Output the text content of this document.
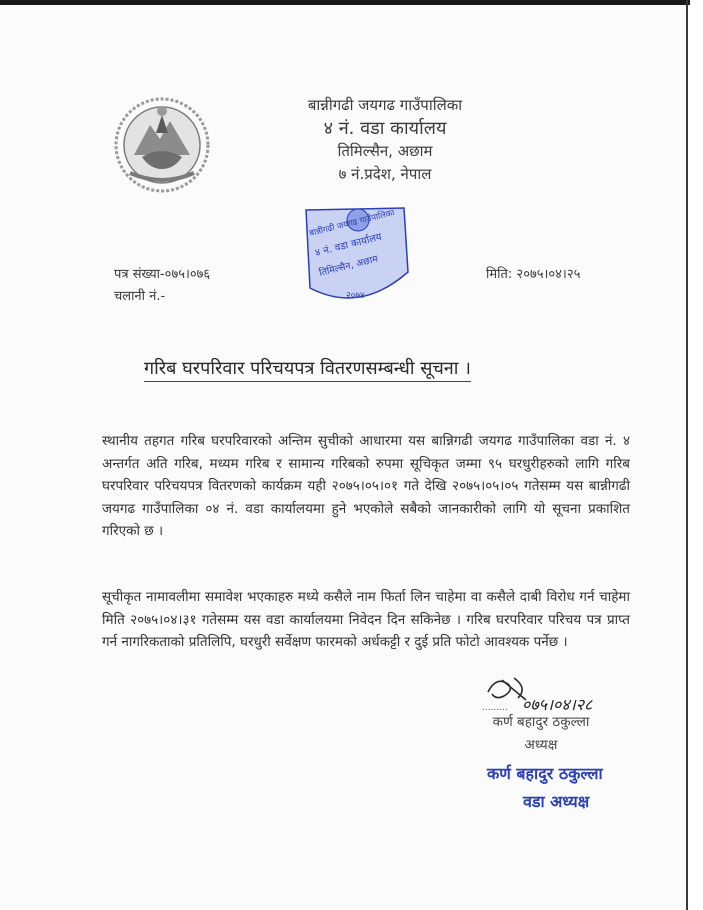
बान्नीगढी जयगढ गाउँपालिका
४ नं. वडा कार्यालय
तिमिल्सैन, अछाम
७ नं.प्रदेश, नेपाल
बान्नीगढी जयगढ गाउँपालिका
४ नं. वडा कार्यालय
तिमिल्सैन, अछाम
२०७४
पत्र संख्या-०७५।०७६
चलानी नं.-
मिति: २०७५।०४।२५
गरिब घरपरिवार परिचयपत्र वितरणसम्बन्धी सूचना ।
स्थानीय तहगत गरिब घरपरिवारको अन्तिम सुचीको आधारमा यस बान्निगढी जयगढ गाउँपालिका वडा नं. ४ अन्तर्गत अति गरिब, मध्यम गरिब र सामान्य गरिबको रुपमा सूचिकृत जम्मा ९५ घरधुरीहरुको लागि गरिब घरपरिवार परिचयपत्र वितरणको कार्यक्रम यही २०७५।०५।०१ गते देखि २०७५।०५।०५ गतेसम्म यस बान्नीगढी जयगढ गाउँपालिका ०४ नं. वडा कार्यालयमा हुने भएकोले सबैको जानकारीको लागि यो सूचना प्रकाशित गरिएको छ ।
सूचीकृत नामावलीमा समावेश भएकाहरु मध्ये कसैले नाम फिर्ता लिन चाहेमा वा कसैले दाबी विरोध गर्न चाहेमा मिति २०७५।०४।३१ गतेसम्म यस वडा कार्यालयमा निवेदन दिन सकिनेछ । गरिब घरपरिवार परिचय पत्र प्राप्त गर्न नागरिकताको प्रतिलिपि, घरधुरी सर्वेक्षण फारमको अर्धकट्टी र दुई प्रति फोटो आवश्यक पर्नेछ ।
......... ०७५।०४।२८
कर्ण बहादुर ठकुल्ला
अध्यक्ष
कर्ण बहादुर ठकुल्ला
वडा अध्यक्ष
